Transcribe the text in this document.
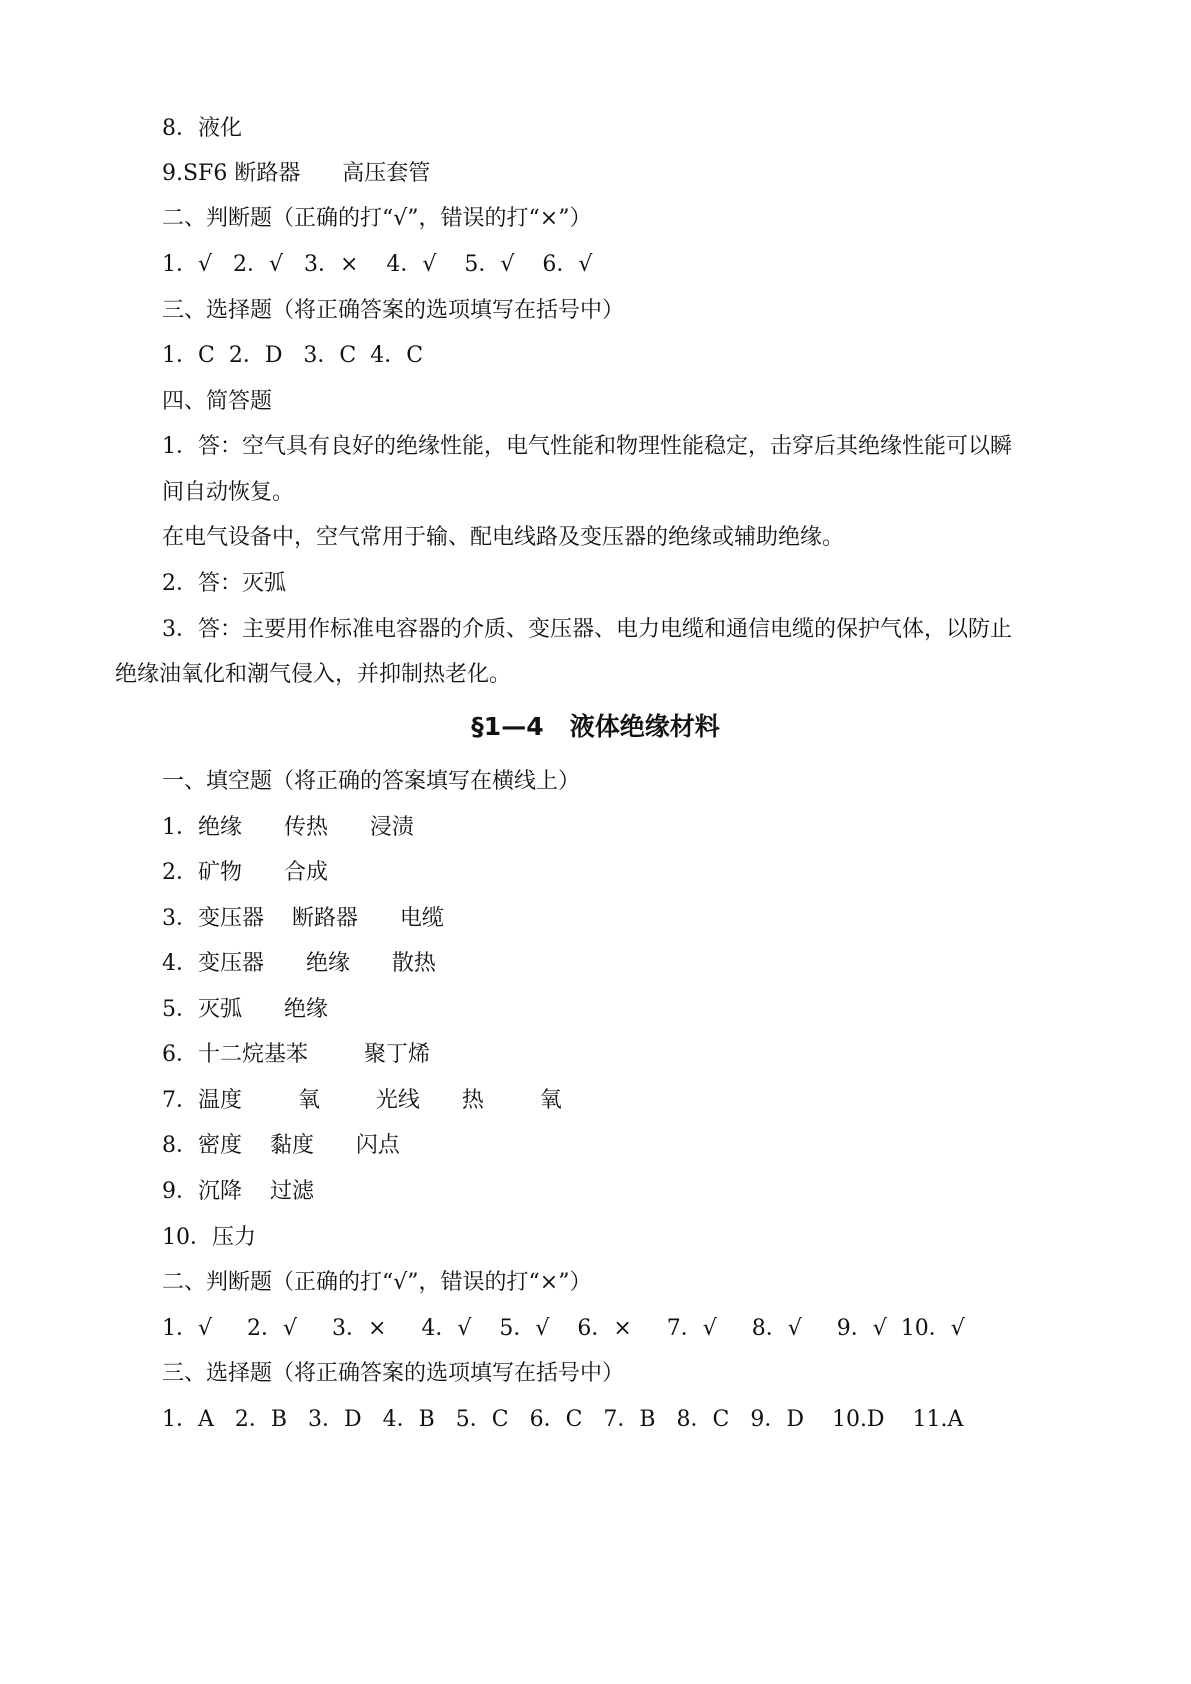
8．液化
9.SF6 断路器      高压套管
二、判断题（正确的打“√”，错误的打“×”）
1．√   2．√   3．×    4．√    5．√    6．√
三、选择题（将正确答案的选项填写在括号中）
1．C  2．D   3．C  4．C
四、简答题
1．答：空气具有良好的绝缘性能，电气性能和物理性能稳定，击穿后其绝缘性能可以瞬
间自动恢复。
在电气设备中，空气常用于输、配电线路及变压器的绝缘或辅助绝缘。
2．答：灭弧
3．答：主要用作标准电容器的介质、变压器、电力电缆和通信电缆的保护气体，以防止
绝缘油氧化和潮气侵入，并抑制热老化。
§1—4   液体绝缘材料
一、填空题（将正确的答案填写在横线上）
1．绝缘      传热      浸渍
2．矿物      合成
3．变压器    断路器      电缆
4．变压器      绝缘      散热
5．灭弧      绝缘
6．十二烷基苯        聚丁烯
7．温度        氧        光线      热        氧
8．密度    黏度      闪点
9．沉降    过滤
10．压力
二、判断题（正确的打“√”，错误的打“×”）
1．√     2．√     3．×     4．√    5．√    6．×     7．√     8．√     9．√  10．√
三、选择题（将正确答案的选项填写在括号中）
1．A   2．B   3．D   4．B   5．C   6．C   7．B   8．C   9．D    10.D    11.A
